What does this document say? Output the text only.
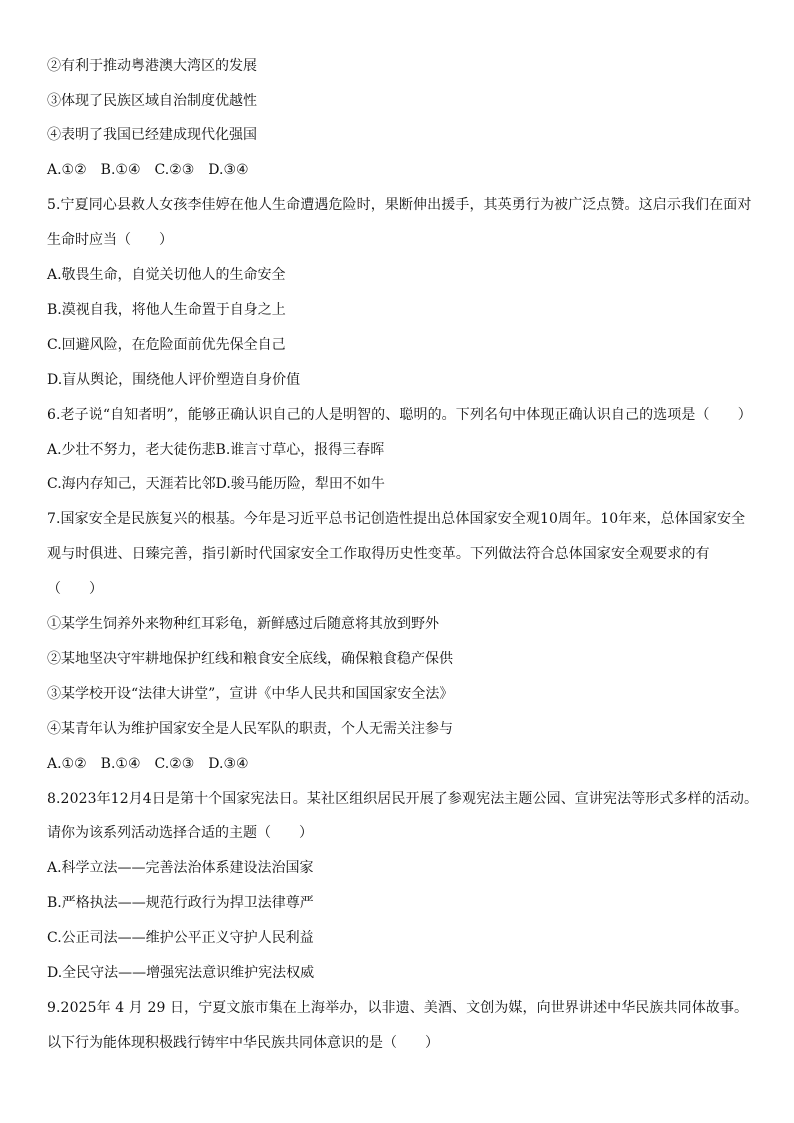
②有利于推动粤港澳大湾区的发展
③体现了民族区域自治制度优越性
④表明了我国已经建成现代化强国
A.①②　B.①④　C.②③　D.③④
5.宁夏同心县救人女孩李佳婷在他人生命遭遇危险时，果断伸出援手，其英勇行为被广泛点赞。这启示我们在面对
生命时应当（　　）
A.敬畏生命，自觉关切他人的生命安全
B.漠视自我，将他人生命置于自身之上
C.回避风险，在危险面前优先保全自己
D.盲从舆论，围绕他人评价塑造自身价值
6.老子说“自知者明”，能够正确认识自己的人是明智的、聪明的。下列名句中体现正确认识自己的选项是（　　）
A.少壮不努力，老大徒伤悲B.谁言寸草心，报得三春晖
C.海内存知己，天涯若比邻D.骏马能历险，犁田不如牛
7.国家安全是民族复兴的根基。今年是习近平总书记创造性提出总体国家安全观10周年。10年来，总体国家安全
观与时俱进、日臻完善，指引新时代国家安全工作取得历史性变革。下列做法符合总体国家安全观要求的有
（　　）
①某学生饲养外来物种红耳彩龟，新鲜感过后随意将其放到野外
②某地坚决守牢耕地保护红线和粮食安全底线，确保粮食稳产保供
③某学校开设“法律大讲堂”，宣讲《中华人民共和国国家安全法》
④某青年认为维护国家安全是人民军队的职责，个人无需关注参与
A.①②　B.①④　C.②③　D.③④
8.2023年12月4日是第十个国家宪法日。某社区组织居民开展了参观宪法主题公园、宣讲宪法等形式多样的活动。
请你为该系列活动选择合适的主题（　　）
A.科学立法——完善法治体系建设法治国家
B.严格执法——规范行政行为捍卫法律尊严
C.公正司法——维护公平正义守护人民利益
D.全民守法——增强宪法意识维护宪法权威
9.2025年 4 月 29 日，宁夏文旅市集在上海举办，以非遗、美酒、文创为媒，向世界讲述中华民族共同体故事。
以下行为能体现积极践行铸牢中华民族共同体意识的是（　　）
